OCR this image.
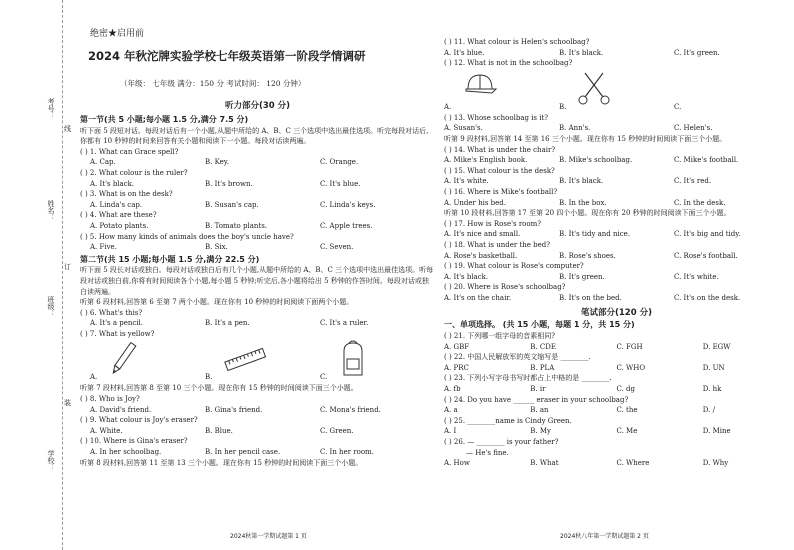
考号：
姓名：
班级：
学校：
线
订
装
绝密★启用前
2024 年秋沱牌实验学校七年级英语第一阶段学情调研
（年级： 七年级 满分：150 分 考试时间： 120 分钟）
听力部分(30 分)
第一节(共 5 小题;每小题 1.5 分,满分 7.5 分)
听下面 5 段短对话。每段对话后有一个小题,从题中所给的 A、B、C 三个选项中选出最佳选项。听完每段对话后,你都有 10 秒钟的时间来回答有关小题和阅读下一小题。每段对话读两遍。
( ) 1. What can Grace spell?
A. Cap.	B. Key.	C. Orange.
( ) 2. What colour is the ruler?
A. It's black.	B. It's brown.	C. It's blue.
( ) 3. What is on the desk?
A. Linda's cap.	B. Susan's cap.	C. Linda's keys.
( ) 4. What are these?
A. Potato plants.	B. Tomato plants.	C. Apple trees.
( ) 5. How many kinds of animals does the boy's uncle have?
A. Five.	B. Six.	C. Seven.
第二节(共 15 小题;每小题 1.5 分,满分 22.5 分)
听下面 5 段长对话或独白。每段对话或独白后有几个小题,从题中所给的 A、B、C 三个选项中选出最佳选项。听每段对话或独白前,你将有时间阅读各个小题,每小题 5 秒钟;听完后,各小题将给出 5 秒钟的作答时间。每段对话或独白读两遍。
听第 6 段材料,回答第 6 至第 7 两个小题。现在你有 10 秒钟的时间阅读下面两个小题。
( ) 6. What's this?
A. It's a pencil.	B. It's a pen.	C. It's a ruler.
( ) 7. What is yellow?
A.	B.	C.
听第 7 段材料,回答第 8 至第 10 三个小题。现在你有 15 秒钟的时间阅读下面三个小题。
( ) 8. Who is Joy?
A. David's friend.	B. Gina's friend.	C. Mona's friend.
( ) 9. What colour is Joy's eraser?
A. White.	B. Blue.	C. Green.
( ) 10. Where is Gina's eraser?
A. In her schoolbag.	B. In her pencil case.	C. In her room.
听第 8 段材料,回答第 11 至第 13 三个小题。现在你有 15 秒钟的时间阅读下面三个小题。
2024秋第一学期试题第 1 页
( ) 11. What colour is Helen's schoolbag?
A. It's blue.	B. It's black.	C. It's green.
( ) 12. What is not in the schoolbag?
A.	B.	C.
( ) 13. Whose schoolbag is it?
A. Susan's.	B. Ann's.	C. Helen's.
听第 9 段材料,回答第 14 至第 16 三个小题。现在你有 15 秒钟的时间阅读下面三个小题。
( ) 14. What is under the chair?
A. Mike's English book.	B. Mike's schoolbag.	C. Mike's football.
( ) 15. What colour is the desk?
A. It's white.	B. It's black.	C. It's red.
( ) 16. Where is Mike's football?
A. Under his bed.	B. In the box.	C. In the desk.
听第 10 段材料,回答第 17 至第 20 四个小题。现在你有 20 秒钟的时间阅读下面三个小题。
( ) 17. How is Rose's room?
A. It's nice and small.	B. It's tidy and nice.	C. It's big and tidy.
( ) 18. What is under the bed?
A. Rose's basketball.	B. Rose's shoes.	C. Rose's football.
( ) 19. What colour is Rose's computer?
A. It's black.	B. It's green.	C. It's white.
( ) 20. Where is Rose's schoolbag?
A. It's on the chair.	B. It's on the bed.	C. It's on the desk.
笔试部分(120 分)
一、单项选择。 (共 15 小题，每题 1 分，共 15 分)
( ) 21. 下列哪一组字母的音素相同?
A. GBF	B. CDE	C. FGH	D. EGW
( ) 22. 中国人民解放军的英文缩写是 ________.
A. PRC	B. PLA	C. WHO	D. UN
( ) 23. 下列小写字母书写时都占上中格的是 ________.
A. fb	B. ir	C. dg	D. hk
( ) 24. Do you have ______ eraser in your schoolbag?
A. a	B. an	C. the	D. /
( ) 25. ________name is Cindy Green.
A. I	B. My	C. Me	D. Mine
( ) 26. — ________ is your father?
— He's fine.
A. How	B. What	C. Where	D. Why
2024秋八年第一学期试题第 2 页
